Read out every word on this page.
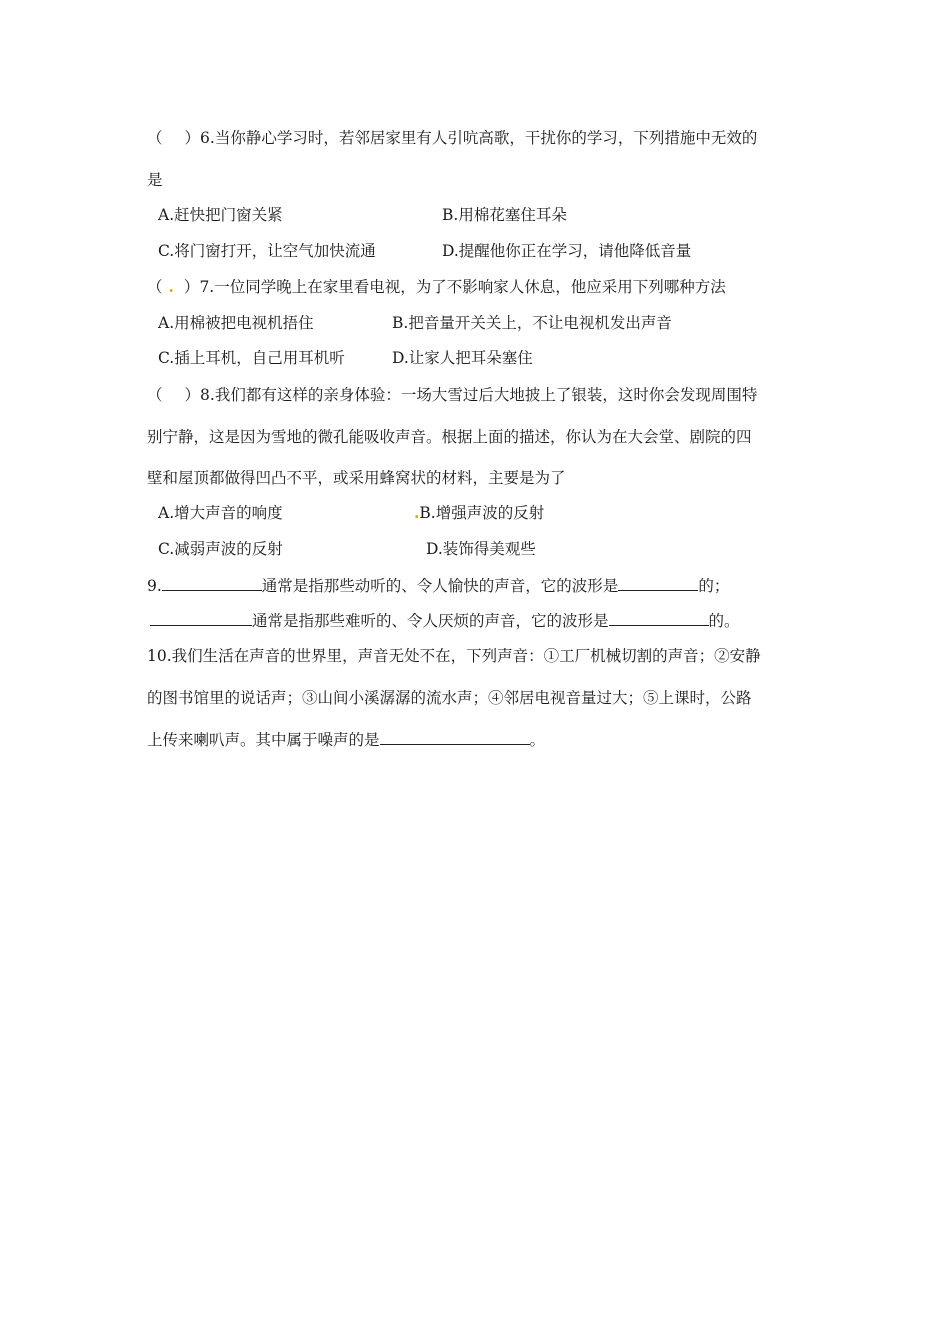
（ ）6.当你静心学习时，若邻居家里有人引吭高歌，干扰你的学习，下列措施中无效的
是
A.赶快把门窗关紧	B.用棉花塞住耳朵
C.将门窗打开，让空气加快流通	D.提醒他你正在学习，请他降低音量
（ . ）7.一位同学晚上在家里看电视，为了不影响家人休息，他应采用下列哪种方法
A.用棉被把电视机捂住	B.把音量开关关上，不让电视机发出声音
C.插上耳机，自己用耳机听	D.让家人把耳朵塞住
（ ）8.我们都有这样的亲身体验：一场大雪过后大地披上了银装，这时你会发现周围特
别宁静，这是因为雪地的微孔能吸收声音。根据上面的描述，你认为在大会堂、剧院的四
壁和屋顶都做得凹凸不平，或采用蜂窝状的材料，主要是为了
A.增大声音的响度	.B.增强声波的反射
C.减弱声波的反射	D.装饰得美观些
9.	通常是指那些动听的、令人愉快的声音，它的波形是	的；
通常是指那些难听的、令人厌烦的声音，它的波形是	的。
10.我们生活在声音的世界里，声音无处不在，下列声音：①工厂机械切割的声音；②安静
的图书馆里的说话声；③山间小溪潺潺的流水声；④邻居电视音量过大；⑤上课时，公路
上传来喇叭声。其中属于噪声的是	。
